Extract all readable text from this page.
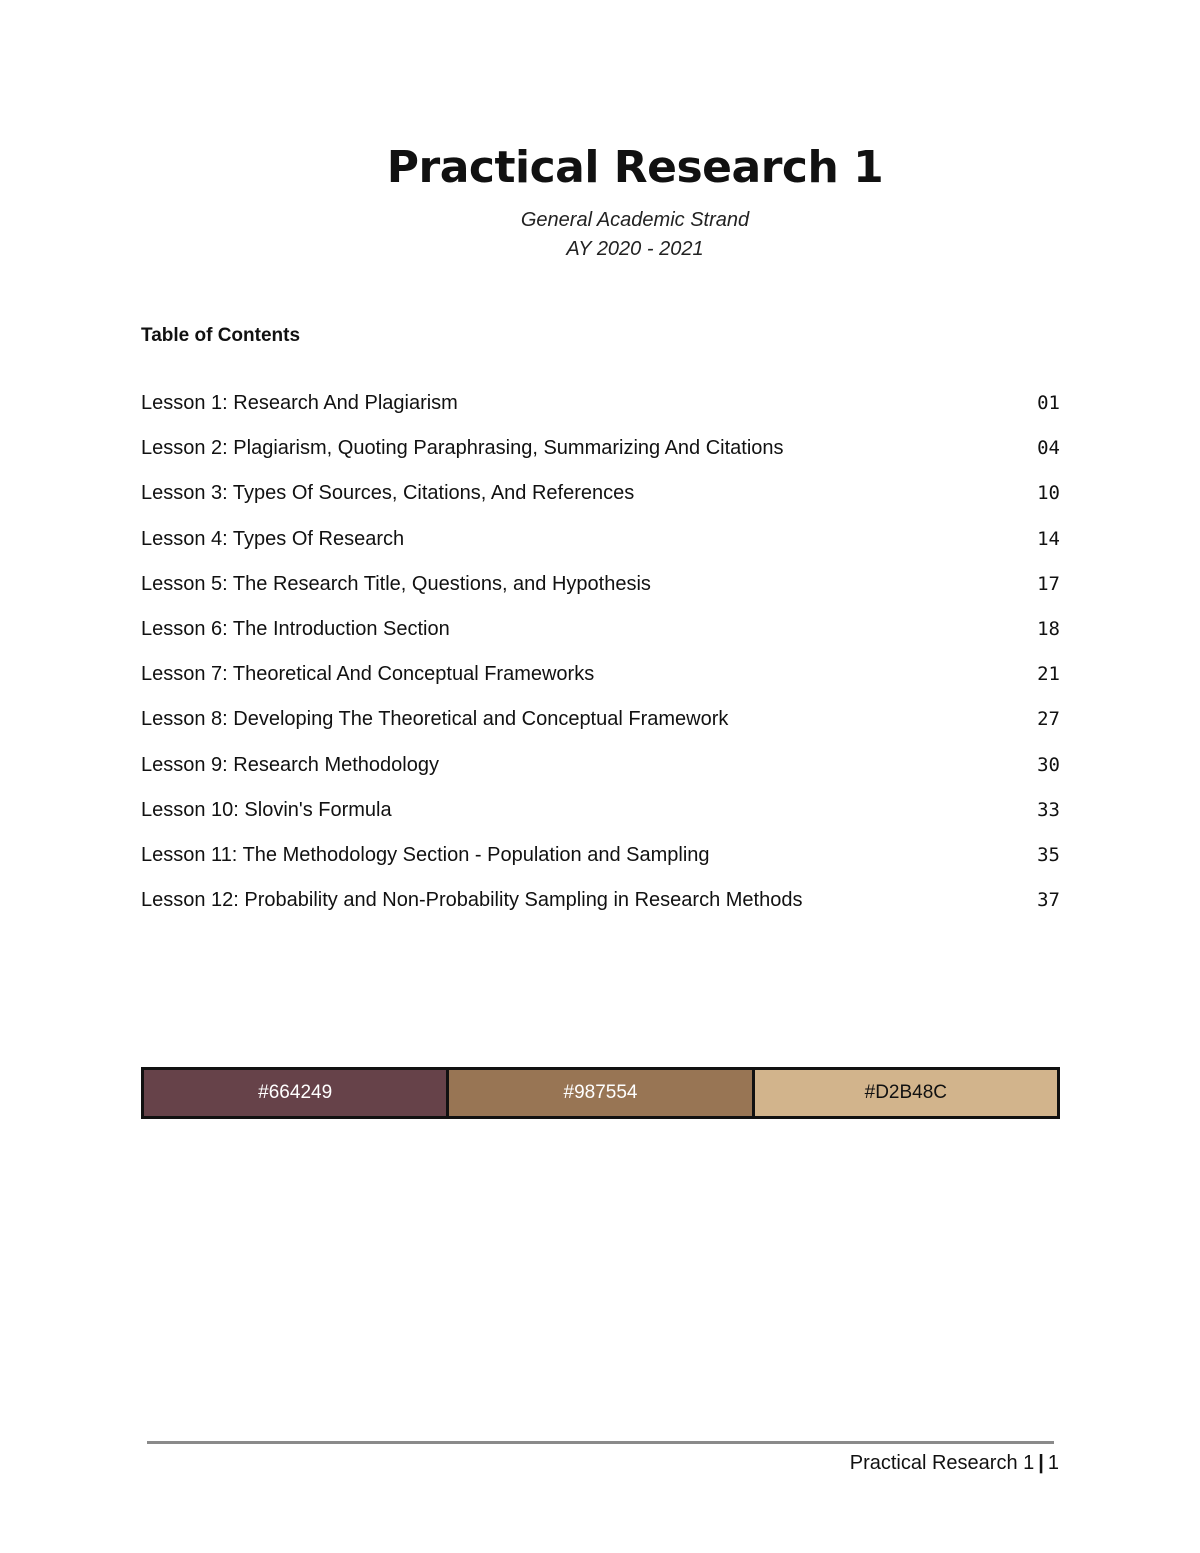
Practical Research 1
General Academic Strand
AY 2020 - 2021
Table of Contents
Lesson 1: Research And Plagiarism	01
Lesson 2: Plagiarism, Quoting Paraphrasing, Summarizing And Citations	04
Lesson 3: Types Of Sources, Citations, And References	10
Lesson 4: Types Of Research	14
Lesson 5: The Research Title, Questions, and Hypothesis	17
Lesson 6: The Introduction Section	18
Lesson 7: Theoretical And Conceptual Frameworks	21
Lesson 8: Developing The Theoretical and Conceptual Framework	27
Lesson 9: Research Methodology	30
Lesson 10: Slovin's Formula	33
Lesson 11: The Methodology Section - Population and Sampling	35
Lesson 12: Probability and Non-Probability Sampling in Research Methods	37
#664249	#987554	#D2B48C
Practical Research 1 | 1
